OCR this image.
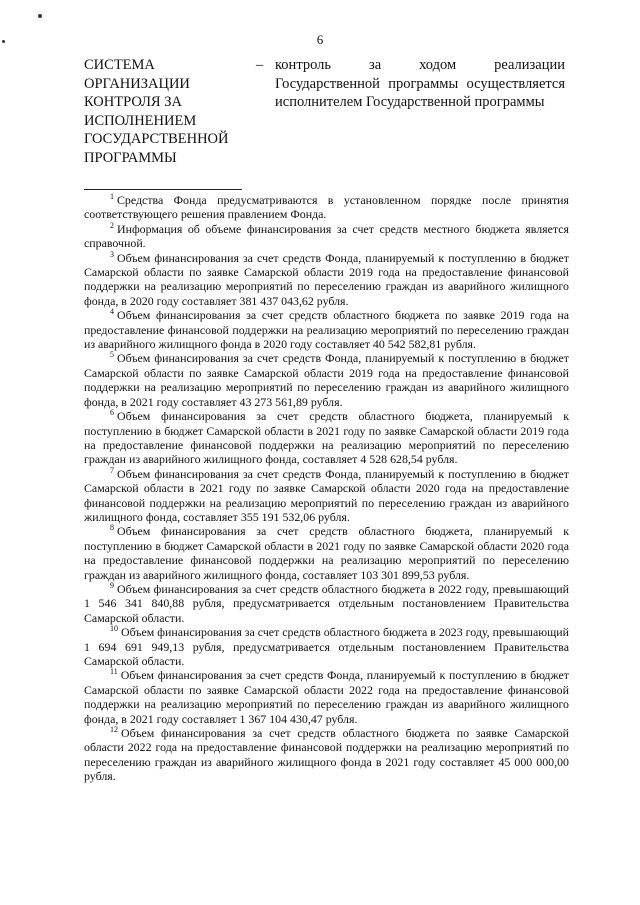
6
СИСТЕМА ОРГАНИЗАЦИИ КОНТРОЛЯ ЗА ИСПОЛНЕНИЕМ ГОСУДАРСТВЕННОЙ ПРОГРАММЫ
– контроль за ходом реализации Государственной программы осуществляется исполнителем Государственной программы

$^1$ Средства Фонда предусматриваются в установленном порядке после принятия соответствующего решения правлением Фонда.

$^2$ Информация об объеме финансирования за счет средств местного бюджета является справочной.

$^3$ Объем финансирования за счет средств Фонда, планируемый к поступлению в бюджет Самарской области по заявке Самарской области 2019 года на предоставление финансовой поддержки на реализацию мероприятий по переселению граждан из аварийного жилищного фонда, в 2020 году составляет 381 437 043,62 рубля.

$^4$ Объем финансирования за счет средств областного бюджета по заявке 2019 года на предоставление финансовой поддержки на реализацию мероприятий по переселению граждан из аварийного жилищного фонда в 2020 году составляет 40 542 582,81 рубля.

$^5$ Объем финансирования за счет средств Фонда, планируемый к поступлению в бюджет Самарской области по заявке Самарской области 2019 года на предоставление финансовой поддержки на реализацию мероприятий по переселению граждан из аварийного жилищного фонда, в 2021 году составляет 43 273 561,89 рубля.

$^6$ Объем финансирования за счет средств областного бюджета, планируемый к поступлению в бюджет Самарской области в 2021 году по заявке Самарской области 2019 года на предоставление финансовой поддержки на реализацию мероприятий по переселению граждан из аварийного жилищного фонда, составляет 4 528 628,54 рубля.

$^7$ Объем финансирования за счет средств Фонда, планируемый к поступлению в бюджет Самарской области в 2021 году по заявке Самарской области 2020 года на предоставление финансовой поддержки на реализацию мероприятий по переселению граждан из аварийного жилищного фонда, составляет 355 191 532,06 рубля.

$^8$ Объем финансирования за счет средств областного бюджета, планируемый к поступлению в бюджет Самарской области в 2021 году по заявке Самарской области 2020 года на предоставление финансовой поддержки на реализацию мероприятий по переселению граждан из аварийного жилищного фонда, составляет 103 301 899,53 рубля.

$^9$ Объем финансирования за счет средств областного бюджета в 2022 году, превышающий 1 546 341 840,88 рубля, предусматривается отдельным постановлением Правительства Самарской области.

$^{10}$ Объем финансирования за счет средств областного бюджета в 2023 году, превышающий 1 694 691 949,13 рубля, предусматривается отдельным постановлением Правительства Самарской области.

$^{11}$ Объем финансирования за счет средств Фонда, планируемый к поступлению в бюджет Самарской области по заявке Самарской области 2022 года на предоставление финансовой поддержки на реализацию мероприятий по переселению граждан из аварийного жилищного фонда, в 2021 году составляет 1 367 104 430,47 рубля.

$^{12}$ Объем финансирования за счет средств областного бюджета по заявке Самарской области 2022 года на предоставление финансовой поддержки на реализацию мероприятий по переселению граждан из аварийного жилищного фонда в 2021 году составляет 45 000 000,00 рубля.
